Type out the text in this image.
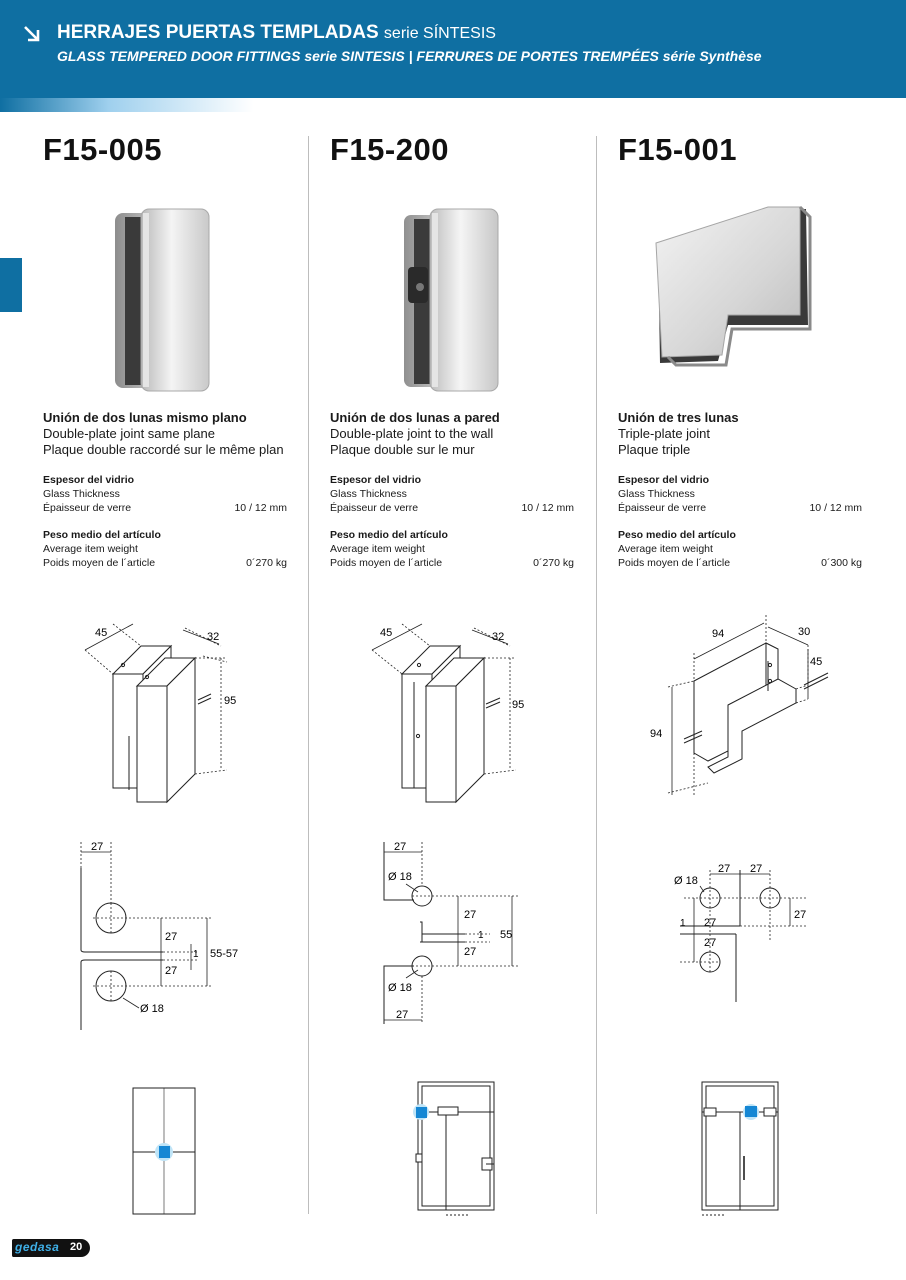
HERRAJES PUERTAS TEMPLADAS serie SÍNTESIS
GLASS TEMPERED DOOR FITTINGS serie SINTESIS | FERRURES DE PORTES TREMPÉES série Synthèse
F15-005
Unión de dos lunas mismo plano
Double-plate joint same plane
Plaque double raccordé sur le même plan
Espesor del vidrio
Glass Thickness
Épaisseur de verre	10 / 12 mm
Peso medio del artículo
Average item weight
Poids moyen de l´article	0´270 kg
45	32
95
27
27
27
1 55-57
Ø 18
F15-200
Unión de dos lunas a pared
Double-plate joint to the wall
Plaque double sur le mur
Espesor del vidrio
Glass Thickness
Épaisseur de verre	10 / 12 mm
Peso medio del artículo
Average item weight
Poids moyen de l´article	0´270 kg
45	32
95
27
Ø 18
27
1 55
27
Ø 18
27
F15-001
Unión de tres lunas
Triple-plate joint
Plaque triple
Espesor del vidrio
Glass Thickness
Épaisseur de verre	10 / 12 mm
Peso medio del artículo
Average item weight
Poids moyen de l´article	0´300 kg
94	30
45
94
27 27
Ø 18
27
1 27
27
gedasa 20
